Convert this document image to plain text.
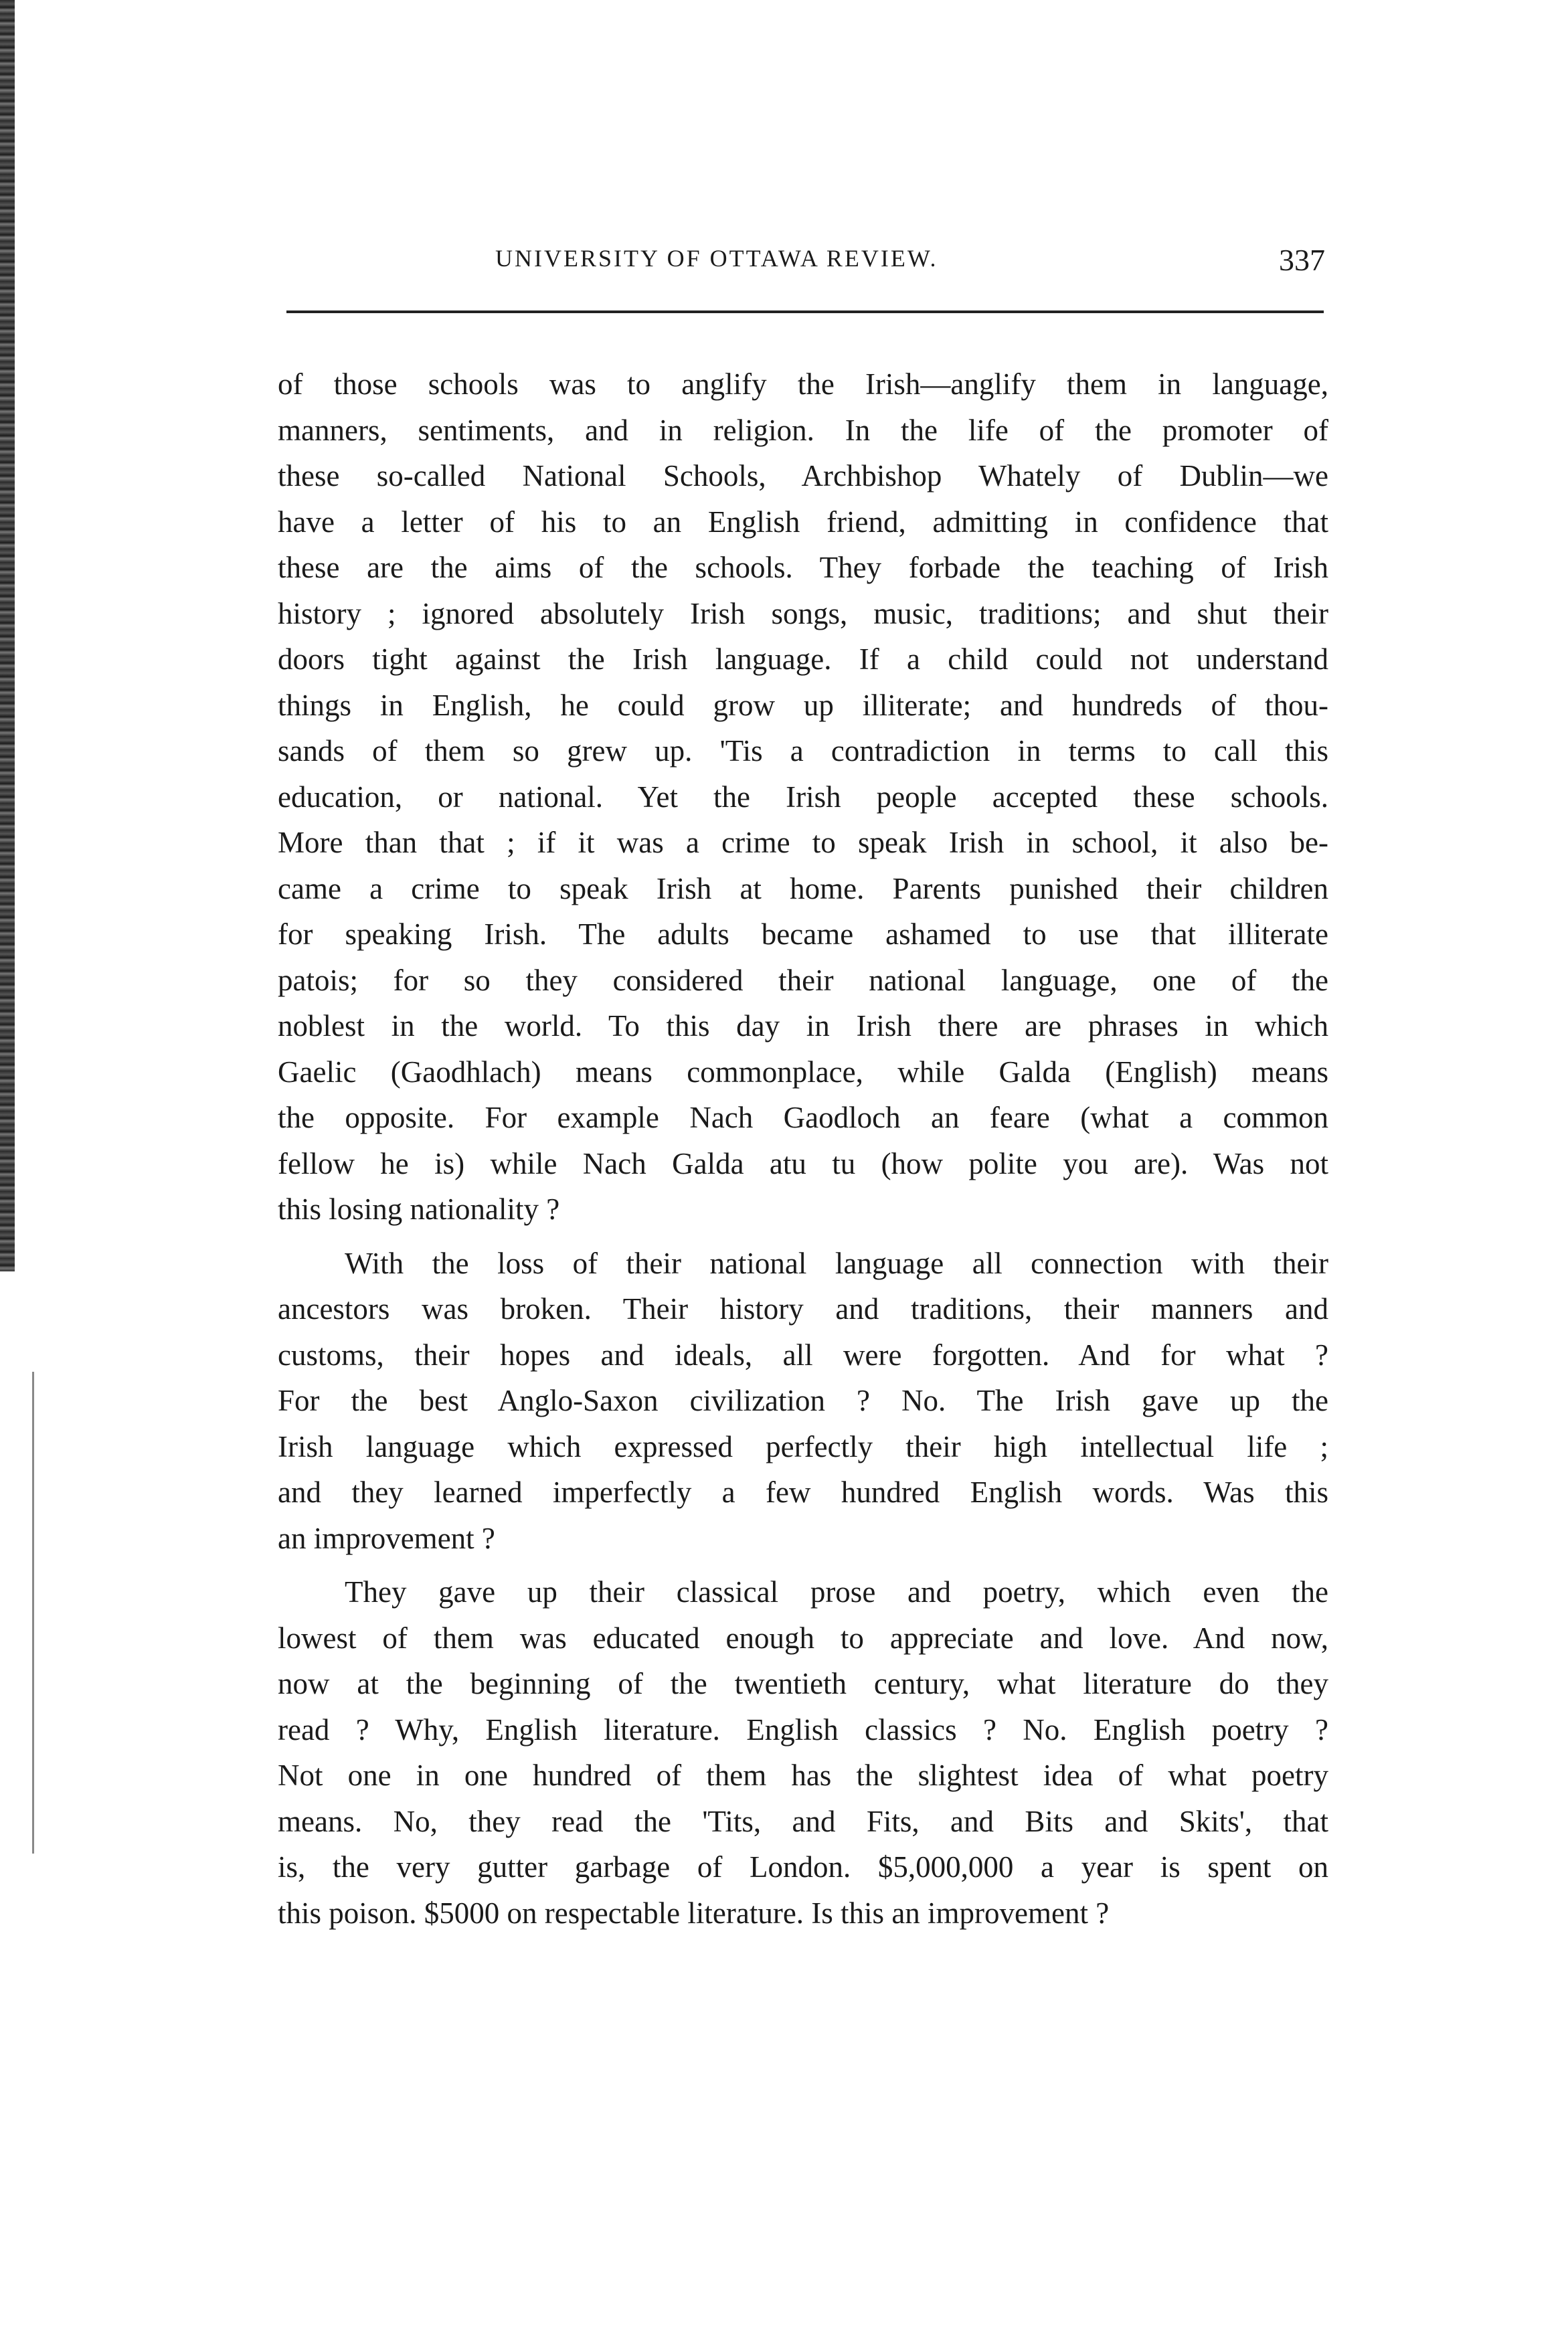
UNIVERSITY OF OTTAWA REVIEW.	337
of those schools was to anglify the Irish—anglify them in language,
manners, sentiments, and in religion. In the life of the promoter of
these so-called National Schools, Archbishop Whately of Dublin—we
have a letter of his to an English friend, admitting in confidence that
these are the aims of the schools. They forbade the teaching of Irish
history ; ignored absolutely Irish songs, music, traditions; and shut their
doors tight against the Irish language. If a child could not understand
things in English, he could grow up illiterate; and hundreds of thou-
sands of them so grew up. 'Tis a contradiction in terms to call this
education, or national. Yet the Irish people accepted these schools.
More than that ; if it was a crime to speak Irish in school, it also be-
came a crime to speak Irish at home. Parents punished their children
for speaking Irish. The adults became ashamed to use that illiterate
patois; for so they considered their national language, one of the
noblest in the world. To this day in Irish there are phrases in which
Gaelic (Gaodhlach) means commonplace, while Galda (English) means
the opposite. For example Nach Gaodloch an feare (what a common
fellow he is) while Nach Galda atu tu (how polite you are). Was not
this losing nationality ?
With the loss of their national language all connection with their
ancestors was broken. Their history and traditions, their manners and
customs, their hopes and ideals, all were forgotten. And for what ?
For the best Anglo-Saxon civilization ? No. The Irish gave up the
Irish language which expressed perfectly their high intellectual life ;
and they learned imperfectly a few hundred English words. Was this
an improvement ?
They gave up their classical prose and poetry, which even the
lowest of them was educated enough to appreciate and love. And now,
now at the beginning of the twentieth century, what literature do they
read ? Why, English literature. English classics ? No. English poetry ?
Not one in one hundred of them has the slightest idea of what poetry
means. No, they read the 'Tits, and Fits, and Bits and Skits', that
is, the very gutter garbage of London. $5,000,000 a year is spent on
this poison. $5000 on respectable literature. Is this an improvement ?
